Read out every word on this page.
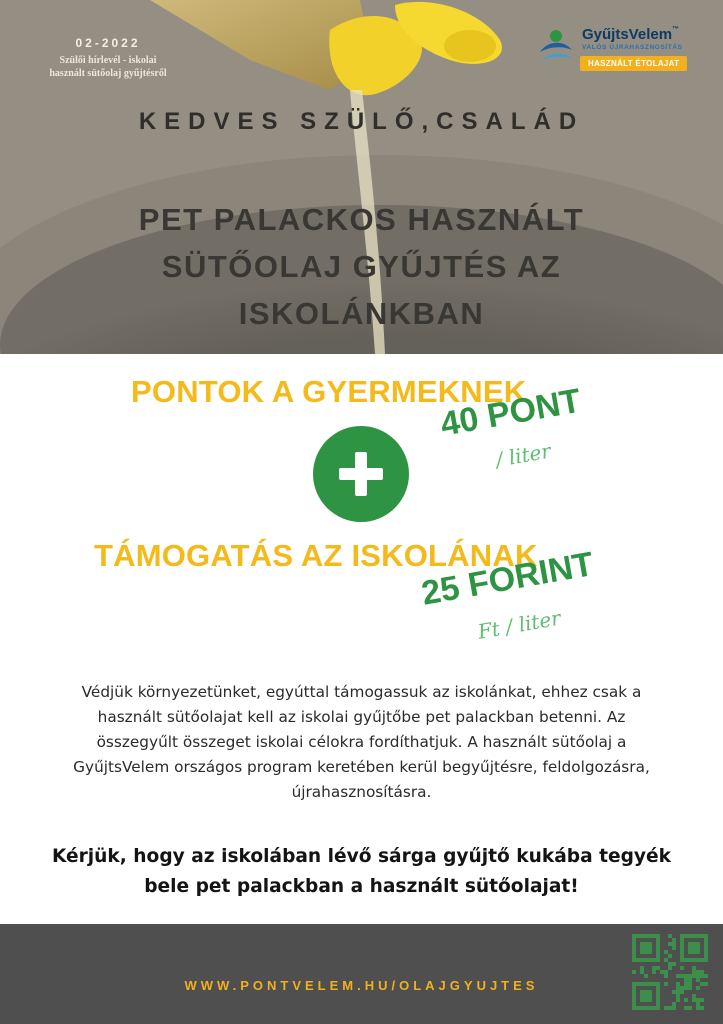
02-2022
Szülői hírlevél - iskolai használt sütőolaj gyűjtésről
GyűjtsVelem™
VALÓS ÚJRAHASZNOSÍTÁS
HASZNÁLT ÉTOLAJAT
KEDVES SZÜLŐ,CSALÁD
PET PALACKOS HASZNÁLT SÜTŐOLAJ GYŰJTÉS AZ ISKOLÁNKBAN
PONTOK A GYERMEKNEK
40 PONT
/ liter
TÁMOGATÁS AZ ISKOLÁNAK
25 FORINT
Ft / liter

Védjük környezetünket, egyúttal támogassuk az iskolánkat, ehhez csak a használt sütőolajat kell az iskolai gyűjtőbe pet palackban betenni. Az összegyűlt összeget iskolai célokra fordíthatjuk. A használt sütőolaj a GyűjtsVelem országos program keretében kerül begyűjtésre, feldolgozásra, újrahasznosításra.

Kérjük, hogy az iskolában lévő sárga gyűjtő kukába tegyék bele pet palackban a használt sütőolajat!

WWW.PONTVELEM.HU/OLAJGYUJTES
